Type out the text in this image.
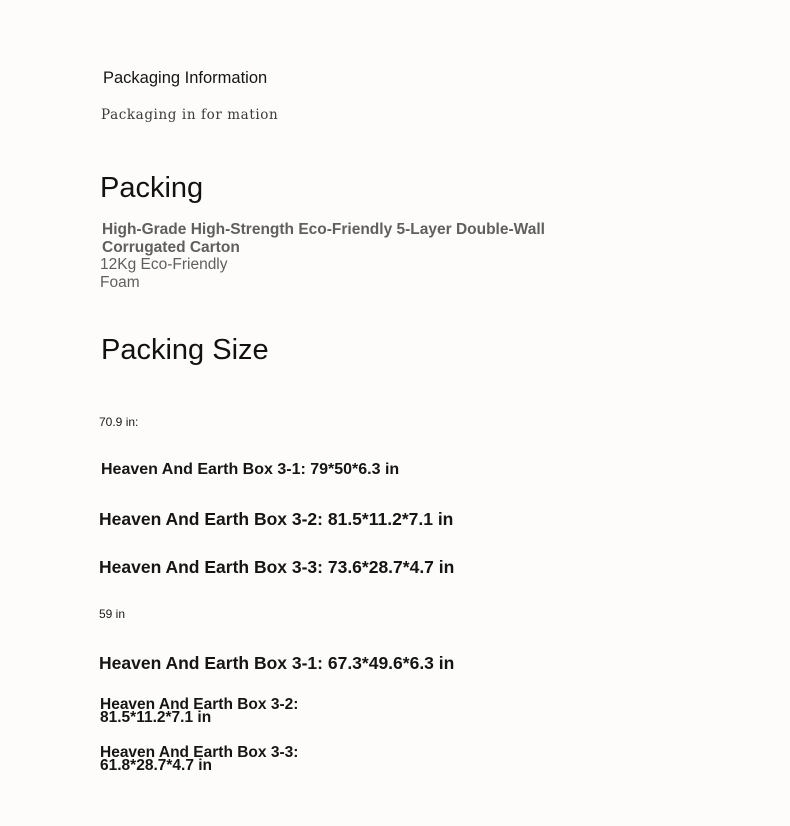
Packaging Information
Packaging in for mation
Packing
High-Grade High-Strength Eco-Friendly 5-Layer Double-Wall
Corrugated Carton
12Kg Eco-Friendly
Foam
Packing Size
70.9 in:
Heaven And Earth Box 3-1: 79*50*6.3 in
Heaven And Earth Box 3-2: 81.5*11.2*7.1 in
Heaven And Earth Box 3-3: 73.6*28.7*4.7 in
59 in
Heaven And Earth Box 3-1: 67.3*49.6*6.3 in
Heaven And Earth Box 3-2:
81.5*11.2*7.1 in
Heaven And Earth Box 3-3:
61.8*28.7*4.7 in
